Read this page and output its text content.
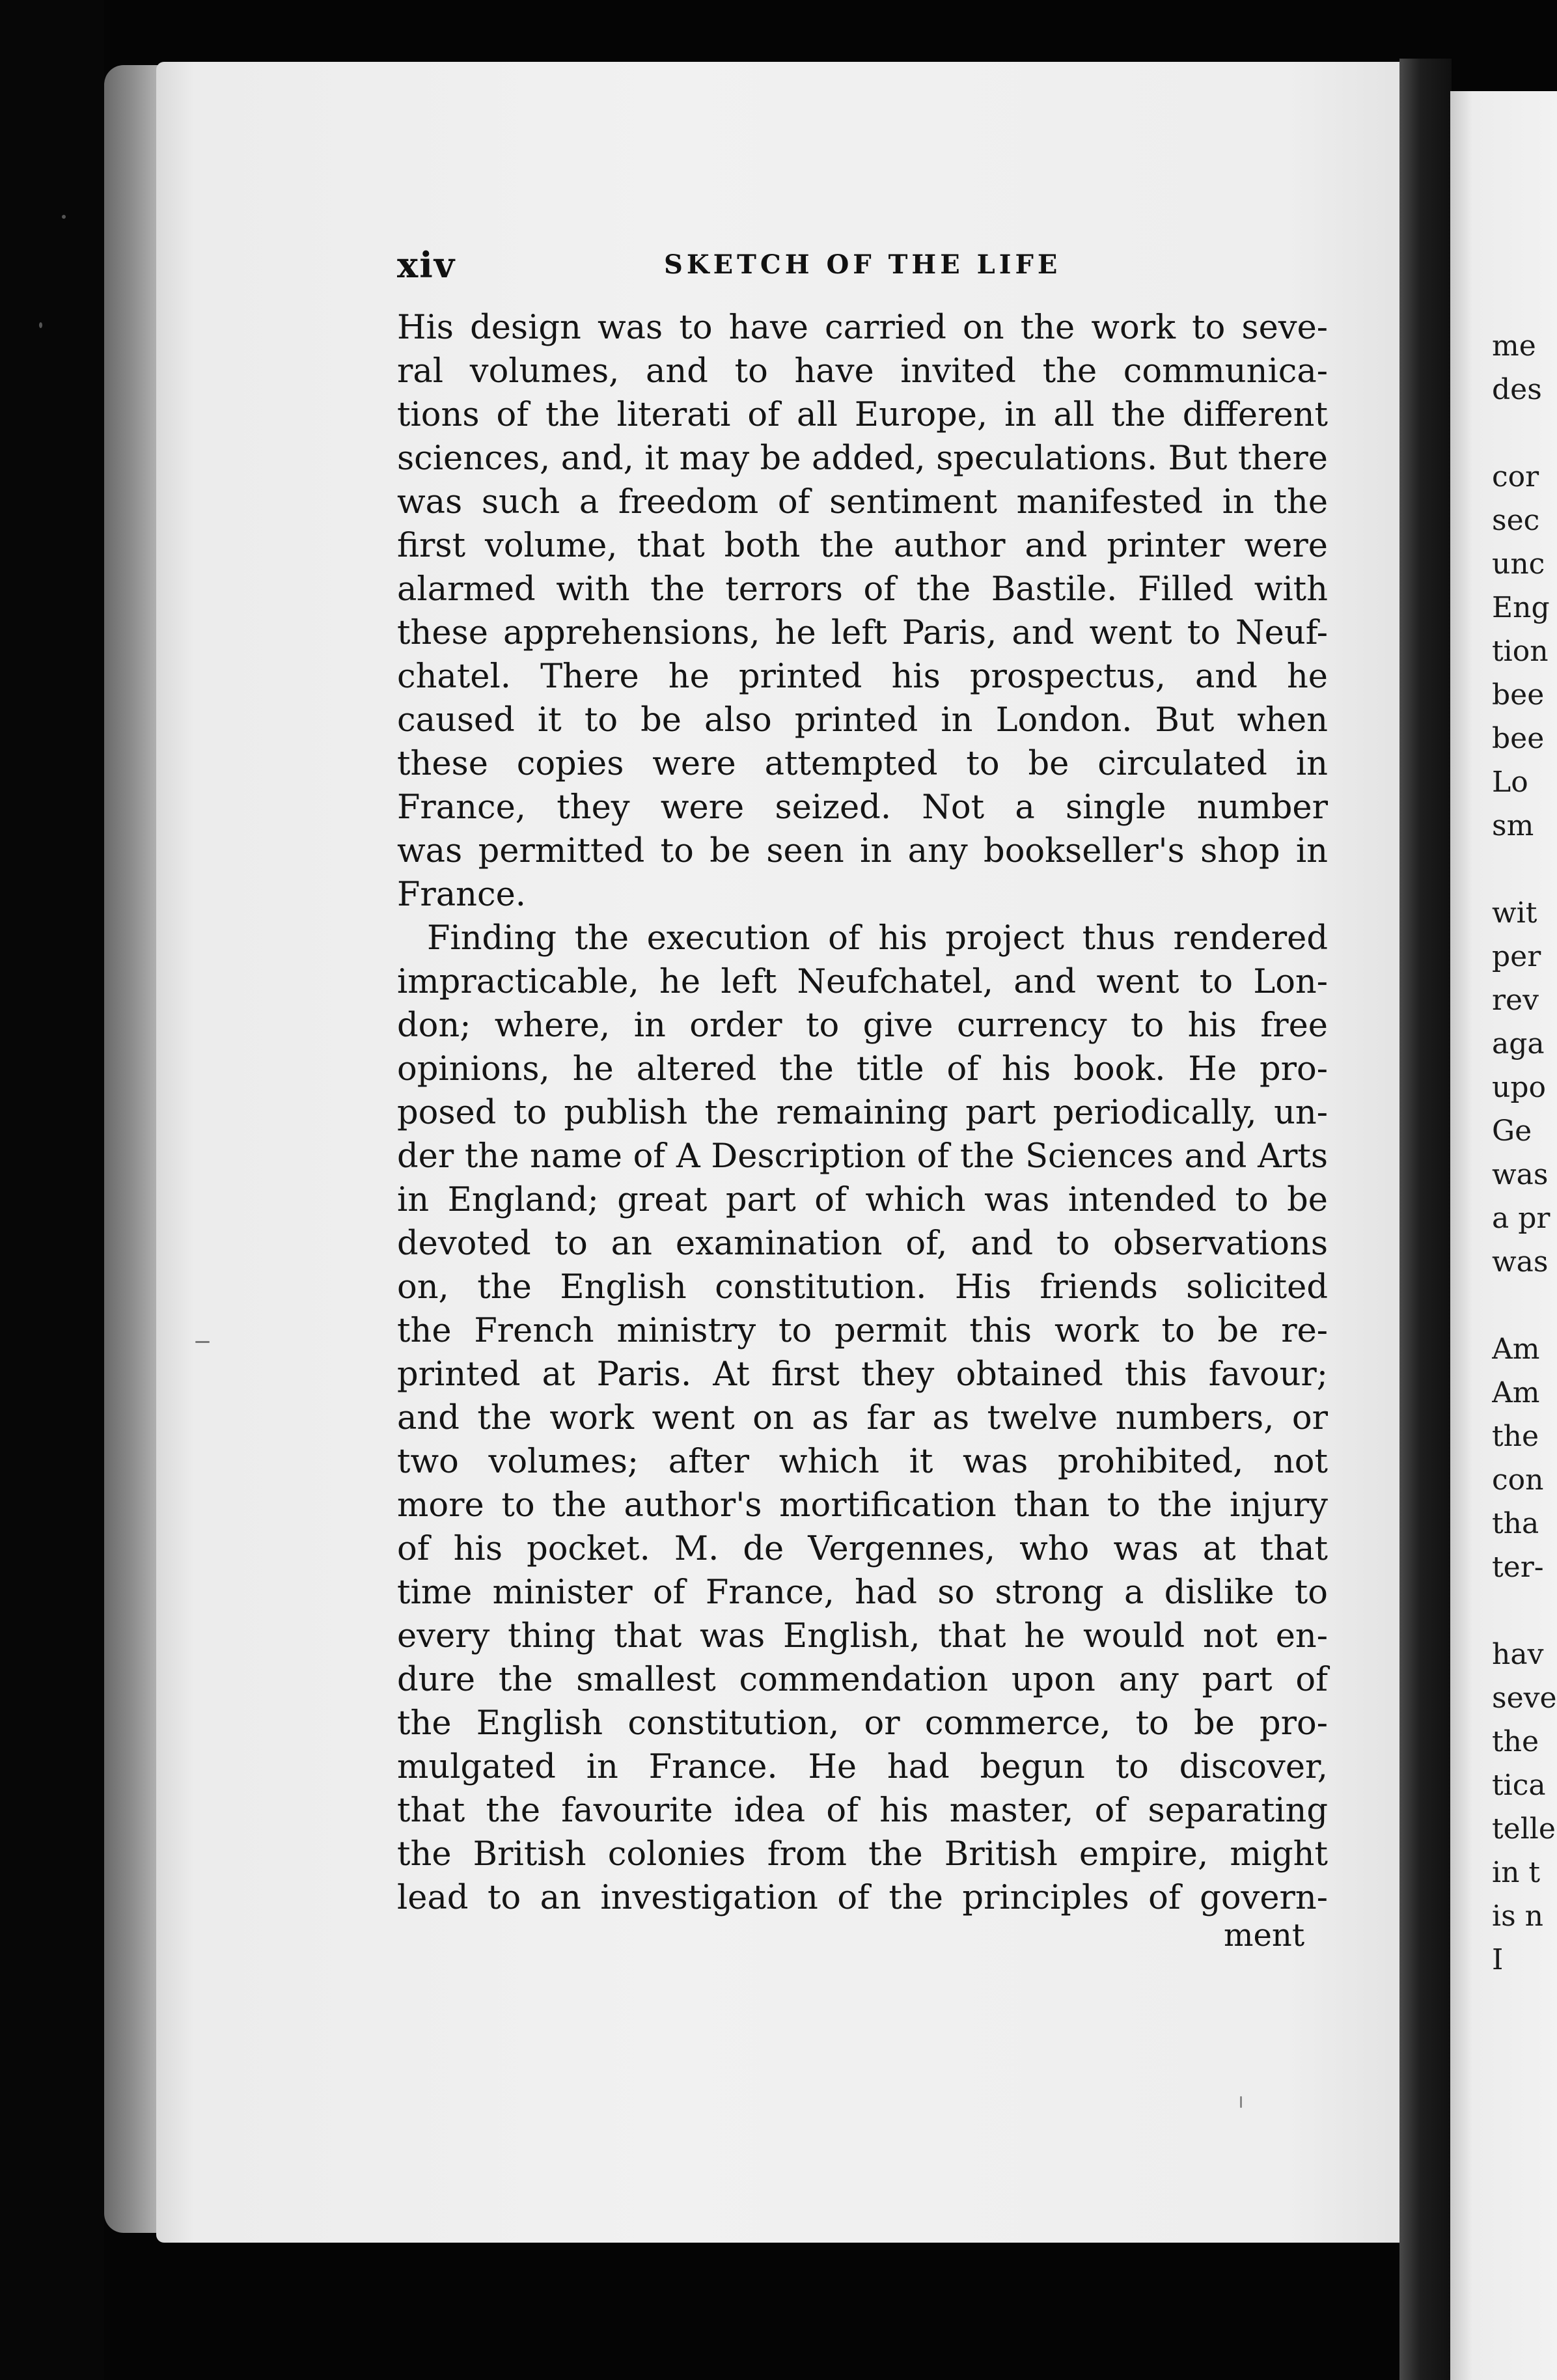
xiv	SKETCH OF THE LIFE
His design was to have carried on the work to seve-
ral volumes, and to have invited the communica-
tions of the literati of all Europe, in all the different
sciences, and, it may be added, speculations. But there
was such a freedom of sentiment manifested in the
first volume, that both the author and printer were
alarmed with the terrors of the Bastile. Filled with
these apprehensions, he left Paris, and went to Neuf-
chatel. There he printed his prospectus, and he
caused it to be also printed in London. But when
these copies were attempted to be circulated in
France, they were seized. Not a single number
was permitted to be seen in any bookseller's shop in
France.
Finding the execution of his project thus rendered
impracticable, he left Neufchatel, and went to Lon-
don; where, in order to give currency to his free
opinions, he altered the title of his book. He pro-
posed to publish the remaining part periodically, un-
der the name of A Description of the Sciences and Arts
in England; great part of which was intended to be
devoted to an examination of, and to observations
on, the English constitution. His friends solicited
the French ministry to permit this work to be re-
printed at Paris. At first they obtained this favour;
and the work went on as far as twelve numbers, or
two volumes; after which it was prohibited, not
more to the author's mortification than to the injury
of his pocket. M. de Vergennes, who was at that
time minister of France, had so strong a dislike to
every thing that was English, that he would not en-
dure the smallest commendation upon any part of
the English constitution, or commerce, to be pro-
mulgated in France. He had begun to discover,
that the favourite idea of his master, of separating
the British colonies from the British empire, might
lead to an investigation of the principles of govern-
ment
me
des
cor
sec
unc
Eng
tion
bee
bee
Lo
sm
wit
per
rev
aga
upo
Ge
was
a pr
was
Am
Am
the
con
tha
ter-
hav
seve
the
tica
telle
in t
is n
I
